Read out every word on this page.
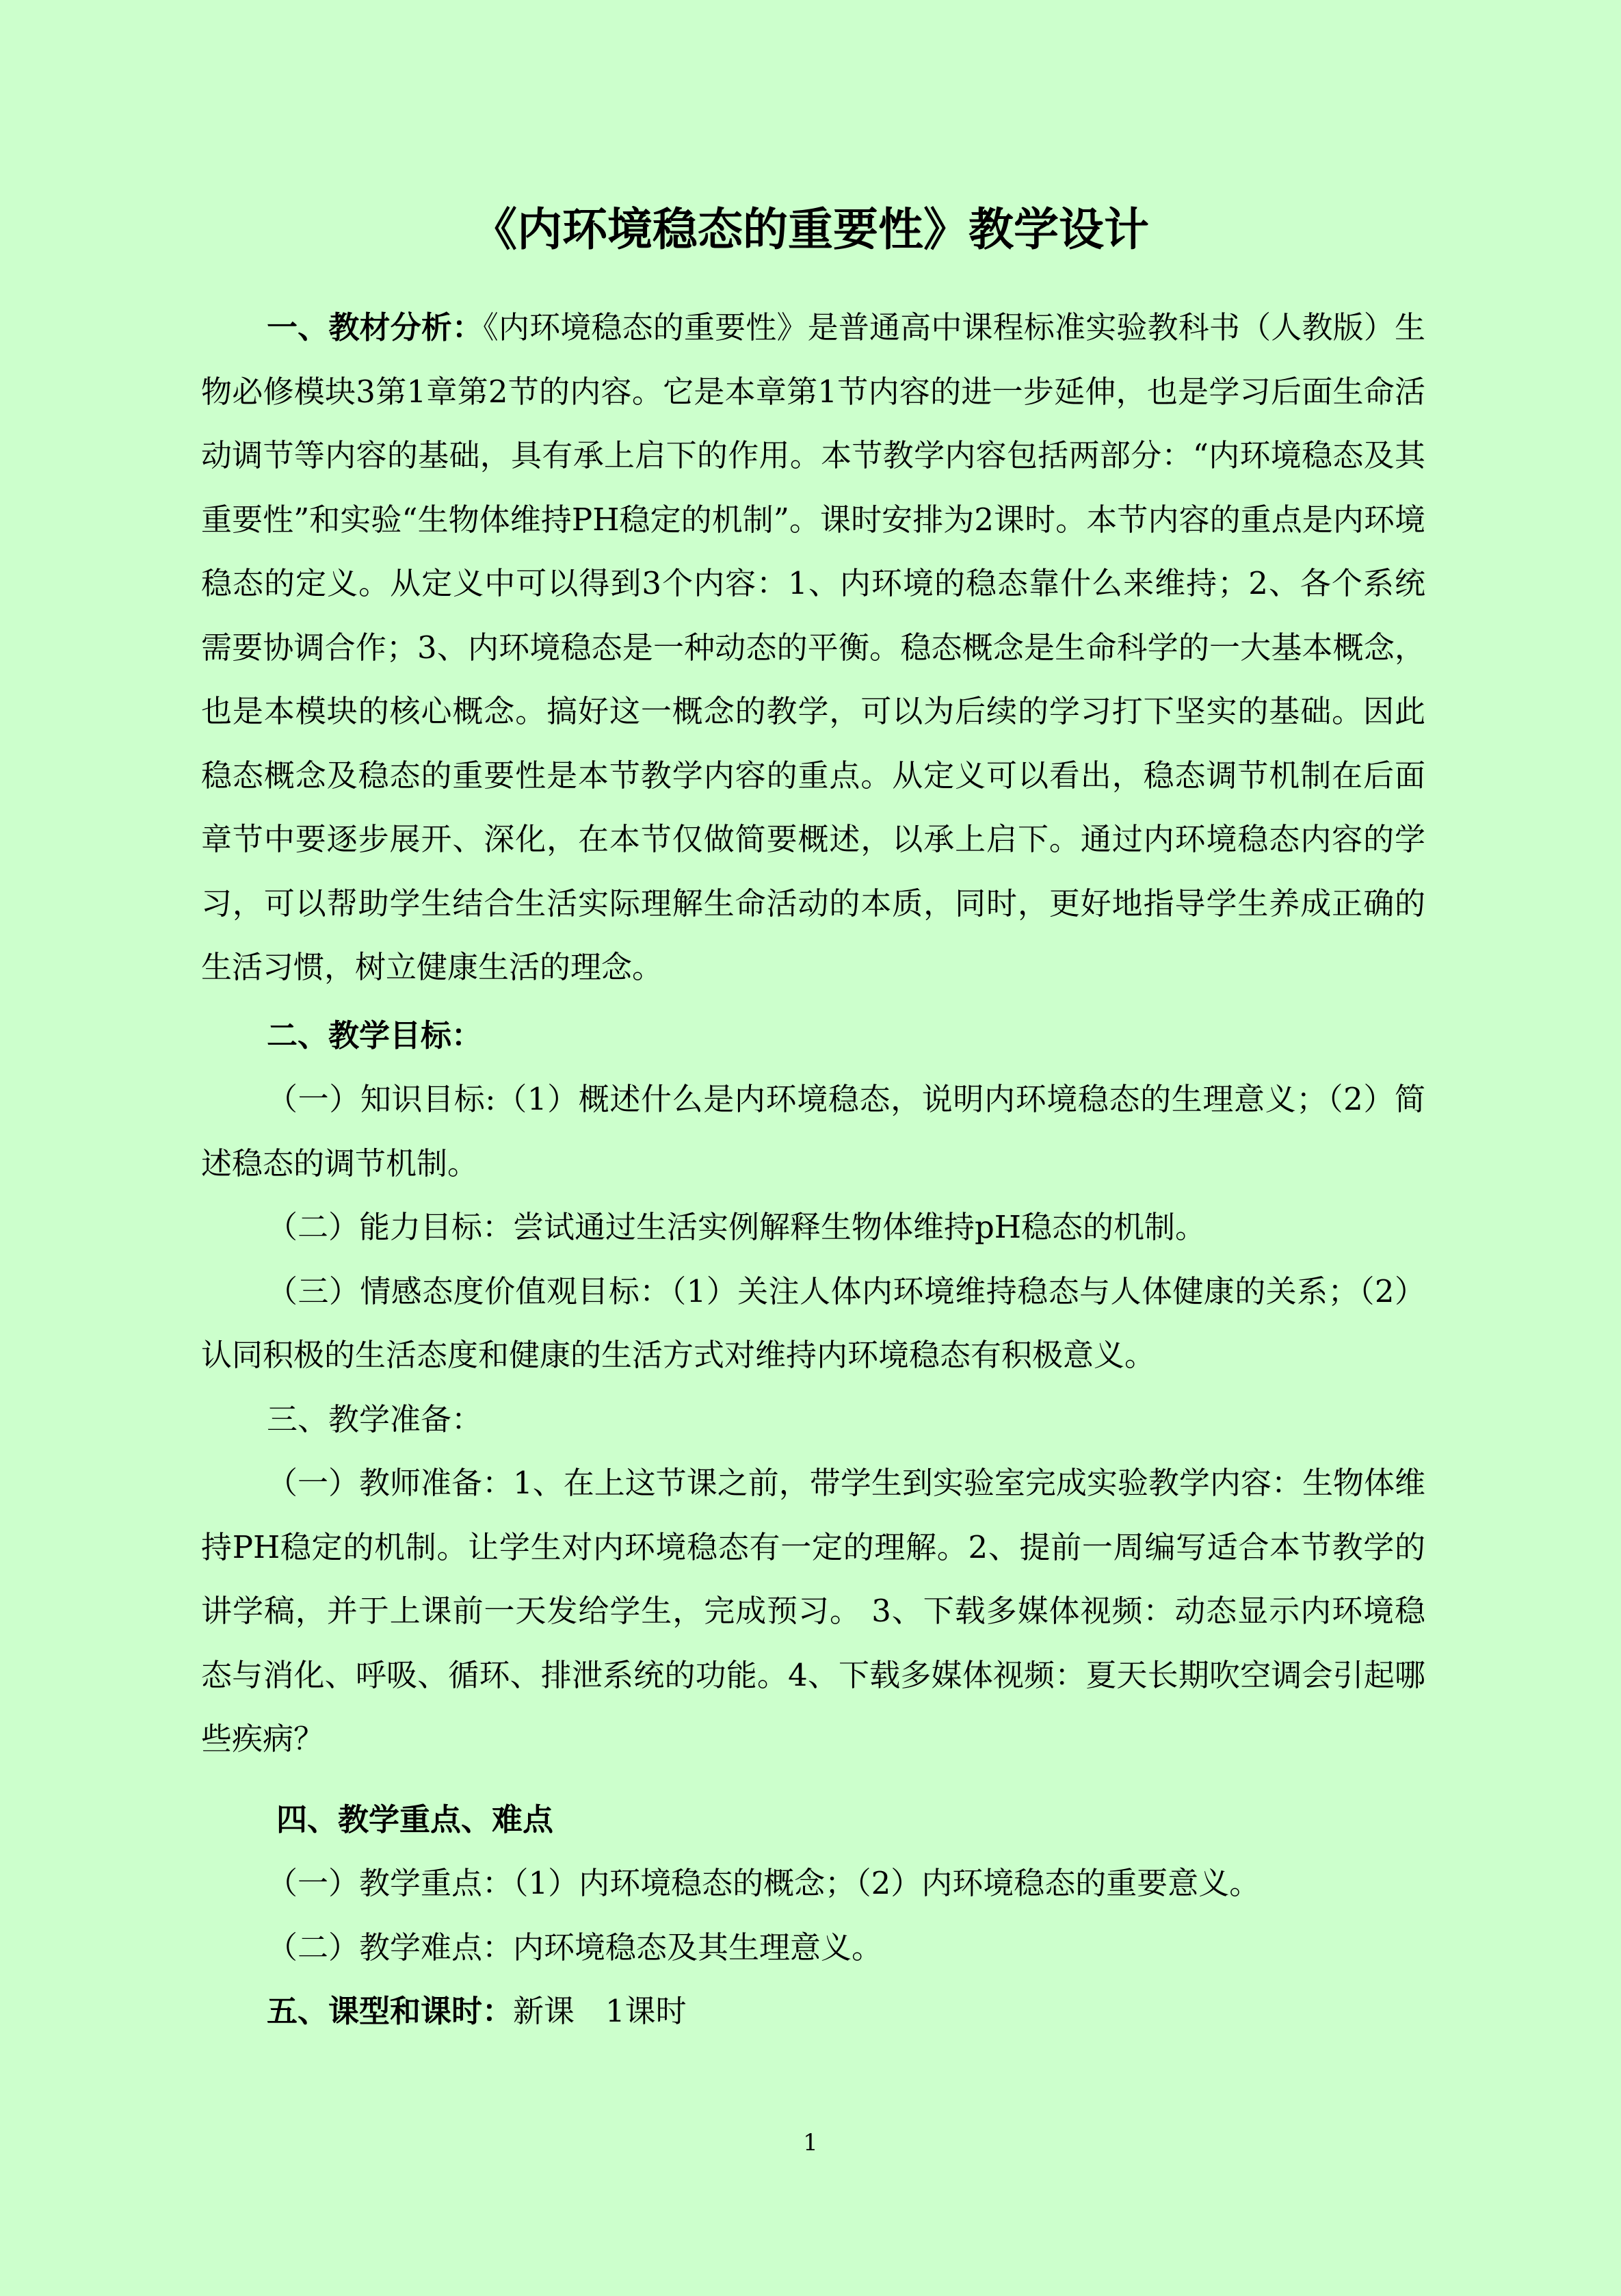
《内环境稳态的重要性》教学设计

一、教材分析：《内环境稳态的重要性》是普通高中课程标准实验教科书（人教版）生物必修模块3第1章第2节的内容。它是本章第1节内容的进一步延伸，也是学习后面生命活动调节等内容的基础，具有承上启下的作用。本节教学内容包括两部分：“内环境稳态及其重要性”和实验“生物体维持PH稳定的机制”。课时安排为2课时。本节内容的重点是内环境稳态的定义。从定义中可以得到3个内容：1、内环境的稳态靠什么来维持；2、各个系统需要协调合作；3、内环境稳态是一种动态的平衡。稳态概念是生命科学的一大基本概念，也是本模块的核心概念。搞好这一概念的教学，可以为后续的学习打下坚实的基础。因此稳态概念及稳态的重要性是本节教学内容的重点。从定义可以看出，稳态调节机制在后面章节中要逐步展开、深化，在本节仅做简要概述，以承上启下。通过内环境稳态内容的学习，可以帮助学生结合生活实际理解生命活动的本质，同时，更好地指导学生养成正确的生活习惯，树立健康生活的理念。

二、教学目标：

（一）知识目标:（1）概述什么是内环境稳态，说明内环境稳态的生理意义；（2）简述稳态的调节机制。

（二）能力目标：尝试通过生活实例解释生物体维持pH稳态的机制。

（三）情感态度价值观目标：（1）关注人体内环境维持稳态与人体健康的关系；（2）认同积极的生活态度和健康的生活方式对维持内环境稳态有积极意义。

三、教学准备：

（一）教师准备：1、在上这节课之前，带学生到实验室完成实验教学内容：生物体维持PH稳定的机制。让学生对内环境稳态有一定的理解。2、提前一周编写适合本节教学的讲学稿，并于上课前一天发给学生，完成预习。 3、下载多媒体视频：动态显示内环境稳态与消化、呼吸、循环、排泄系统的功能。4、下载多媒体视频：夏天长期吹空调会引起哪些疾病？

四、教学重点、难点

（一）教学重点：（1）内环境稳态的概念；（2）内环境稳态的重要意义。

（二）教学难点：内环境稳态及其生理意义。

五、课型和课时：新课　1课时

1
